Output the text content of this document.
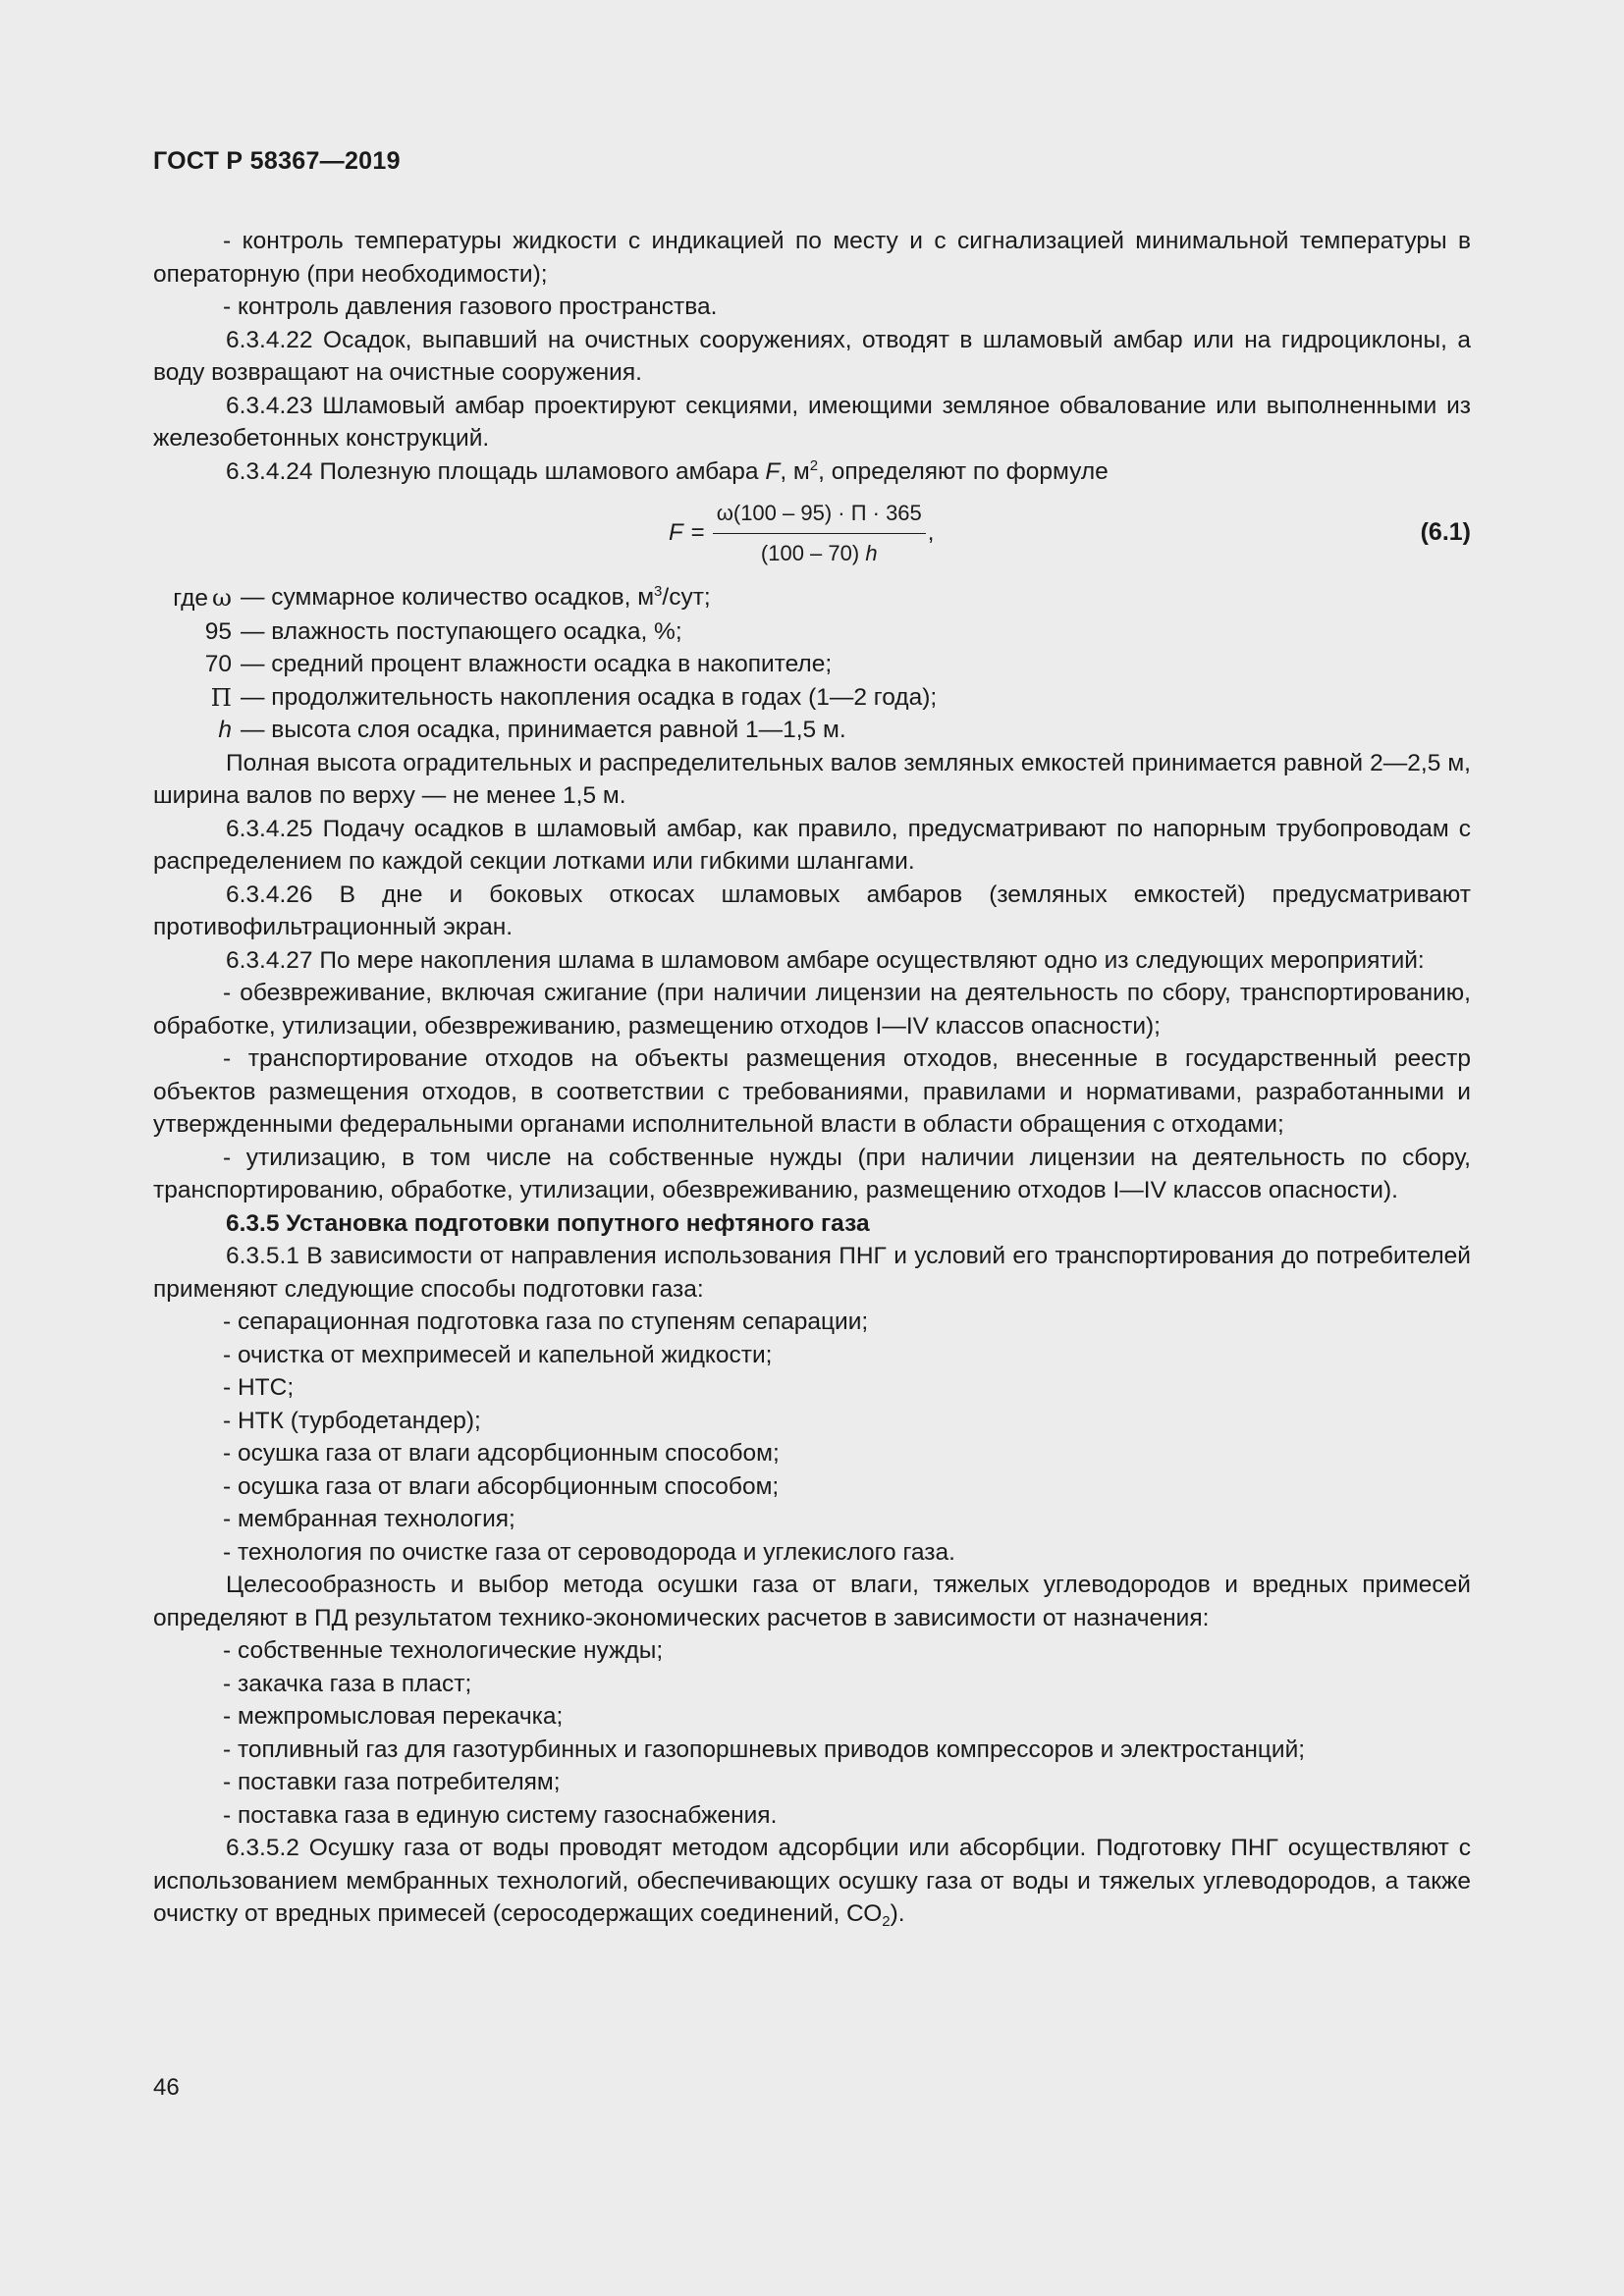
ГОСТ Р 58367—2019

- контроль температуры жидкости с индикацией по месту и с сигнализацией минимальной температуры в операторную (при необходимости);

- контроль давления газового пространства.

6.3.4.22 Осадок, выпавший на очистных сооружениях, отводят в шламовый амбар или на гидроциклоны, а воду возвращают на очистные сооружения.

6.3.4.23 Шламовый амбар проектируют секциями, имеющими земляное обвалование или выполненными из железобетонных конструкций.

6.3.4.24 Полезную площадь шламового амбара F, $м^2$, определяют по формуле

$F = \frac{\omega(100 - 95) \cdot П \cdot 365}{(100 - 70) h}$ ,	(6.1)
где ω — суммарное количество осадков, $м^3$/сут;
95 — влажность поступающего осадка, %;
70 — средний процент влажности осадка в накопителе;
П — продолжительность накопления осадка в годах (1—2 года);
h — высота слоя осадка, принимается равной 1—1,5 м.

Полная высота оградительных и распределительных валов земляных емкостей принимается равной 2—2,5 м, ширина валов по верху — не менее 1,5 м.

6.3.4.25 Подачу осадков в шламовый амбар, как правило, предусматривают по напорным трубопроводам с распределением по каждой секции лотками или гибкими шлангами.

6.3.4.26 В дне и боковых откосах шламовых амбаров (земляных емкостей) предусматривают противофильтрационный экран.

6.3.4.27 По мере накопления шлама в шламовом амбаре осуществляют одно из следующих мероприятий:

- обезвреживание, включая сжигание (при наличии лицензии на деятельность по сбору, транспортированию, обработке, утилизации, обезвреживанию, размещению отходов I—IV классов опасности);

- транспортирование отходов на объекты размещения отходов, внесенные в государственный реестр объектов размещения отходов, в соответствии с требованиями, правилами и нормативами, разработанными и утвержденными федеральными органами исполнительной власти в области обращения с отходами;

- утилизацию, в том числе на собственные нужды (при наличии лицензии на деятельность по сбору, транспортированию, обработке, утилизации, обезвреживанию, размещению отходов I—IV классов опасности).

6.3.5 Установка подготовки попутного нефтяного газа

6.3.5.1 В зависимости от направления использования ПНГ и условий его транспортирования до потребителей применяют следующие способы подготовки газа:

- сепарационная подготовка газа по ступеням сепарации;

- очистка от мехпримесей и капельной жидкости;

- НТС;

- НТК (турбодетандер);

- осушка газа от влаги адсорбционным способом;

- осушка газа от влаги абсорбционным способом;

- мембранная технология;

- технология по очистке газа от сероводорода и углекислого газа.

Целесообразность и выбор метода осушки газа от влаги, тяжелых углеводородов и вредных примесей определяют в ПД результатом технико-экономических расчетов в зависимости от назначения:

- собственные технологические нужды;

- закачка газа в пласт;

- межпромысловая перекачка;

- топливный газ для газотурбинных и газопоршневых приводов компрессоров и электростанций;

- поставки газа потребителям;

- поставка газа в единую систему газоснабжения.

6.3.5.2 Осушку газа от воды проводят методом адсорбции или абсорбции. Подготовку ПНГ осуществляют с использованием мембранных технологий, обеспечивающих осушку газа от воды и тяжелых углеводородов, а также очистку от вредных примесей (серосодержащих соединений, $СО_2$).

46
